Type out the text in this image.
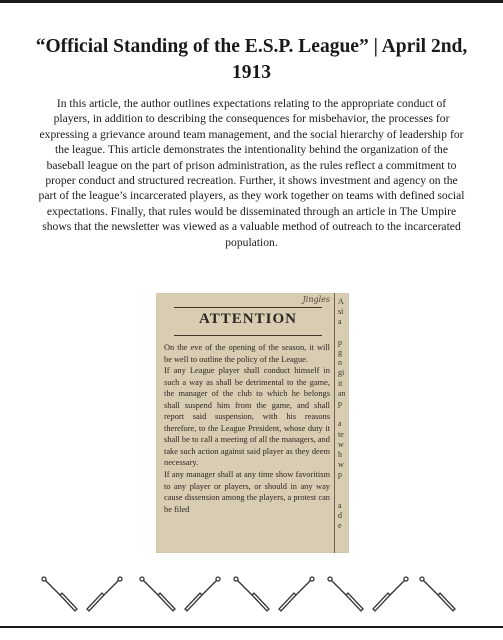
“Official Standing of the E.S.P. League” | April 2nd, 1913
In this article, the author outlines expectations relating to the appropriate conduct of players, in addition to describing the consequences for misbehavior, the processes for expressing a grievance around team management, and the social hierarchy of leadership for the league. This article demonstrates the intentionality behind the organization of the baseball league on the part of prison administration, as the rules reflect a commitment to proper conduct and structured recreation. Further, it shows investment and agency on the part of the league’s incarcerated players, as they work together on teams with defined social expectations. Finally, that rules would be disseminated through an article in The Umpire shows that the newsletter was viewed as a valuable method of outreach to the incarcerated population.
Jingles
ATTENTION
On the eve of the opening of the season, it will be well to outline the policy of the League.
If any League player shall conduct himself in such a way as shall be detrimental to the game, the manager of the club to which he belongs shall suspend him from the game, and shall report said suspension, with his reasons therefore, to the League President, whose duty it shall be to call a meeting of all the managers, and take such action against said player as they deem necessary.
If any manager shall at any time show favoritism to any player or players, or should in any way cause dissension among the players, a protest can be filed
A
si
a

p
g
n
gi
it
an
p

a
te
w
h
w
p

a
d
e
